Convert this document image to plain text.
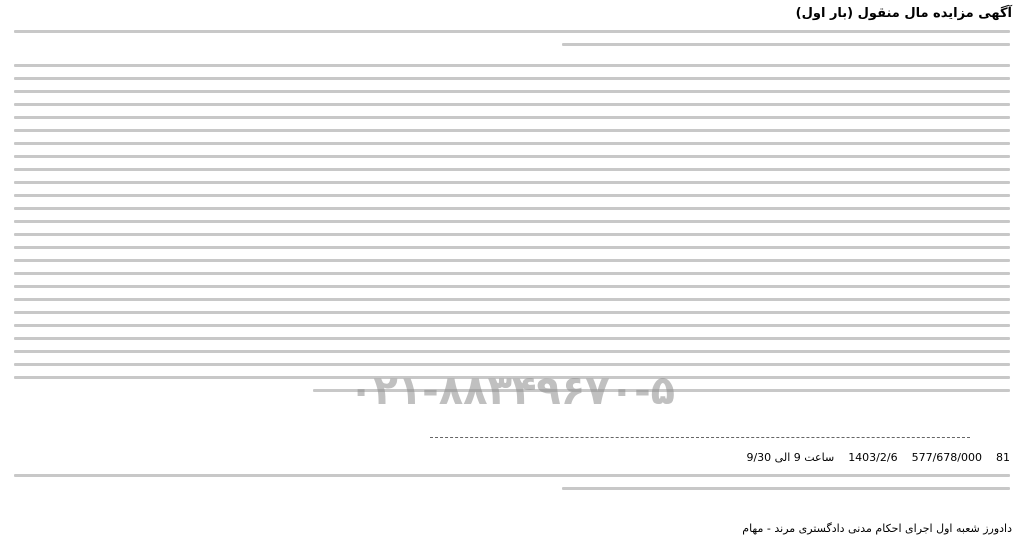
آگهی مزایده مال منقول (بار اول)
۰۲۱-۸۸۳۴۹۶۷۰-۵
81
577/678/000
1403/2/6
ساعت 9 الی 9/30
دادورز شعبه اول اجرای احکام مدنی دادگستری مرند - مهام
